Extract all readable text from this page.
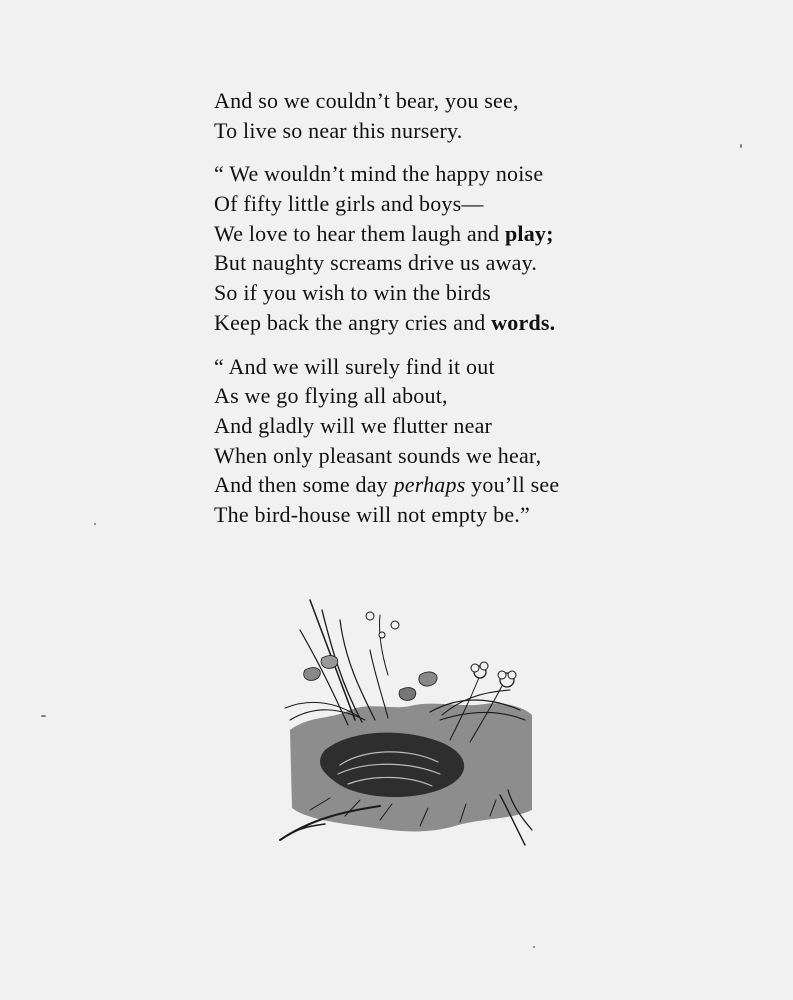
And so we couldn’t bear, you see,
To live so near this nursery.
“ We wouldn’t mind the happy noise
Of fifty little girls and boys—
We love to hear them laugh and play;
But naughty screams drive us away.
So if you wish to win the birds
Keep back the angry cries and words.
“ And we will surely find it out
As we go flying all about,
And gladly will we flutter near
When only pleasant sounds we hear,
And then some day perhaps you’ll see
The bird-house will not empty be.”
